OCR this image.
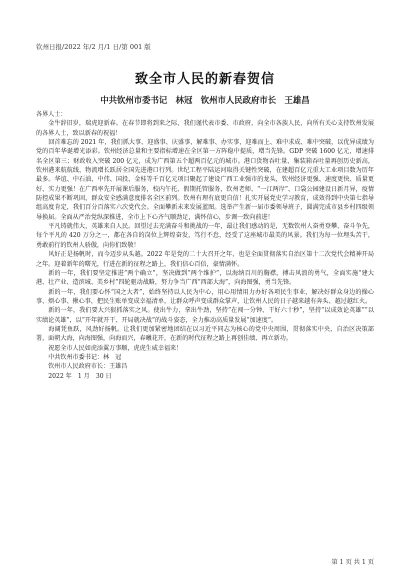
钦州日报/2022 年/2 月/1 日/第 001 版
致全市人民的新春贺信
中共钦州市委书记　林冠　钦州市人民政府市长　王雄昌

各界人士：

金牛辞旧岁，瑞虎迎新春。在春节即将到来之际，我们谨代表市委、市政府，向全市各族人民，向所有关心支持钦州发展的各界人士，致以新春的祝福！

回首难忘的 2021 年，我们抓大事、迎盛事、庆盛事，解难事、办实事，迎难而上、难中求成、难中突破，以优异成绩为党的百年华诞增光添彩。钦州经济总量和主要指标增速在全区第一方阵稳中提质，增当先锋。GDP 突破 1600 亿元，增速排名全区第三；财政收入突破 200 亿元，成为广西第五个超两百亿元的城市。港口货物吞吐量、集装箱吞吐量再创历史新高，钦州港来航航线、物流增长跃居全国先进港口行列。世纪工程平陆运河取得关键性突破，在建超百亿元重大工业项目数为历年最多。华谊、中石油、中伟、国投、金桂等千百亿元项目聚起了建设广西工业强市的龙头，钦州经济更强、速度更快、质量更好、实力更强！在广西率先开展课后服务，校内午托、假期托管服务，钦州老师、“一江两岸”、口袋公园建设日新月异，疫情防控成果不断巩固，群众安全感满意度排名全区前列。钦州有理有底更自信！扎实开展党史学习教育，成效得到中央第七指导组高度肯定，我们百分百落实六次党代会。全面攀新未来发展蓝图。选举产生新一届市委领导班子，圆满完成市县乡村四级领导换届。全面从严治党纵深推进，全市上下心齐气顺劲足，满怀信心，步调一致向前进！

平凡铸就伟大，英雄来自人民。回望过去充满奋斗和挑战的一年，最让我们感动的是，无数钦州人奋勇登攀、奋斗争先，每个平凡的 420 万分之一，都在各自的岗位上辉煌奋发，笃行不怠，经受了这座城市最美的风景。我们为每一位埋头苦干，勇敢前行的钦州人骄傲，向你们致敬！

风好正是扬帆时，而今迈步从头越。2022 年是党的二十大召开之年，也是全面贯彻落实自治区第十二次党代会精神开局之年。迎着新年的曙光，行进在新的征程之路上，我们信心百倍，豪情满怀。

新的一年，我们要坚定推进“两个确立”，坚决做到“两个维护”，以海纳百川的胸襟，搏击风浪的勇气，全面实施“建大港、壮产业、造滨城、美乡村”四轮驱动战略，努力争当广西“西部大海”，向海图强，勇当先锋。

新的一年，我们要心怀“国之大者”，始终坚持以人民为中心，用心用情用力办好各项民生事业，解决好群众身边的操心事、烦心事、揪心事，把民生账单变成幸福清单，让群众呼声变成群众掌声，让钦州人民的日子越来越有奔头、越过越红火。

新的一年，我们要大兴狠抓落实之风。使出牛力，拿出牛劲，坚持“在闯一分钟、干好六十秒”，坚持“以成效论英雄”“以实绩论英雄”，以“开年就开干、开局就决战”的战斗姿态，全力推动高质量发展“加速度”。

海阔凭鱼跃，风劲好扬帆。让我们更加紧密地团结在以习近平同志为核心的党中央周围，贯彻落实中央、自治区决策部署，面朝大海，向海图强，向海而兴，春曦花开，在新的时代征程之路上再创佳绩、再立新功。

祝愿全市人民如虎添翼万事顺，虎虎生威幸福来！

中共钦州市委书记：林　冠

钦州市人民政府市长：王雄昌

2022 年　1 月　30 日

第 1 页 共 1 页
